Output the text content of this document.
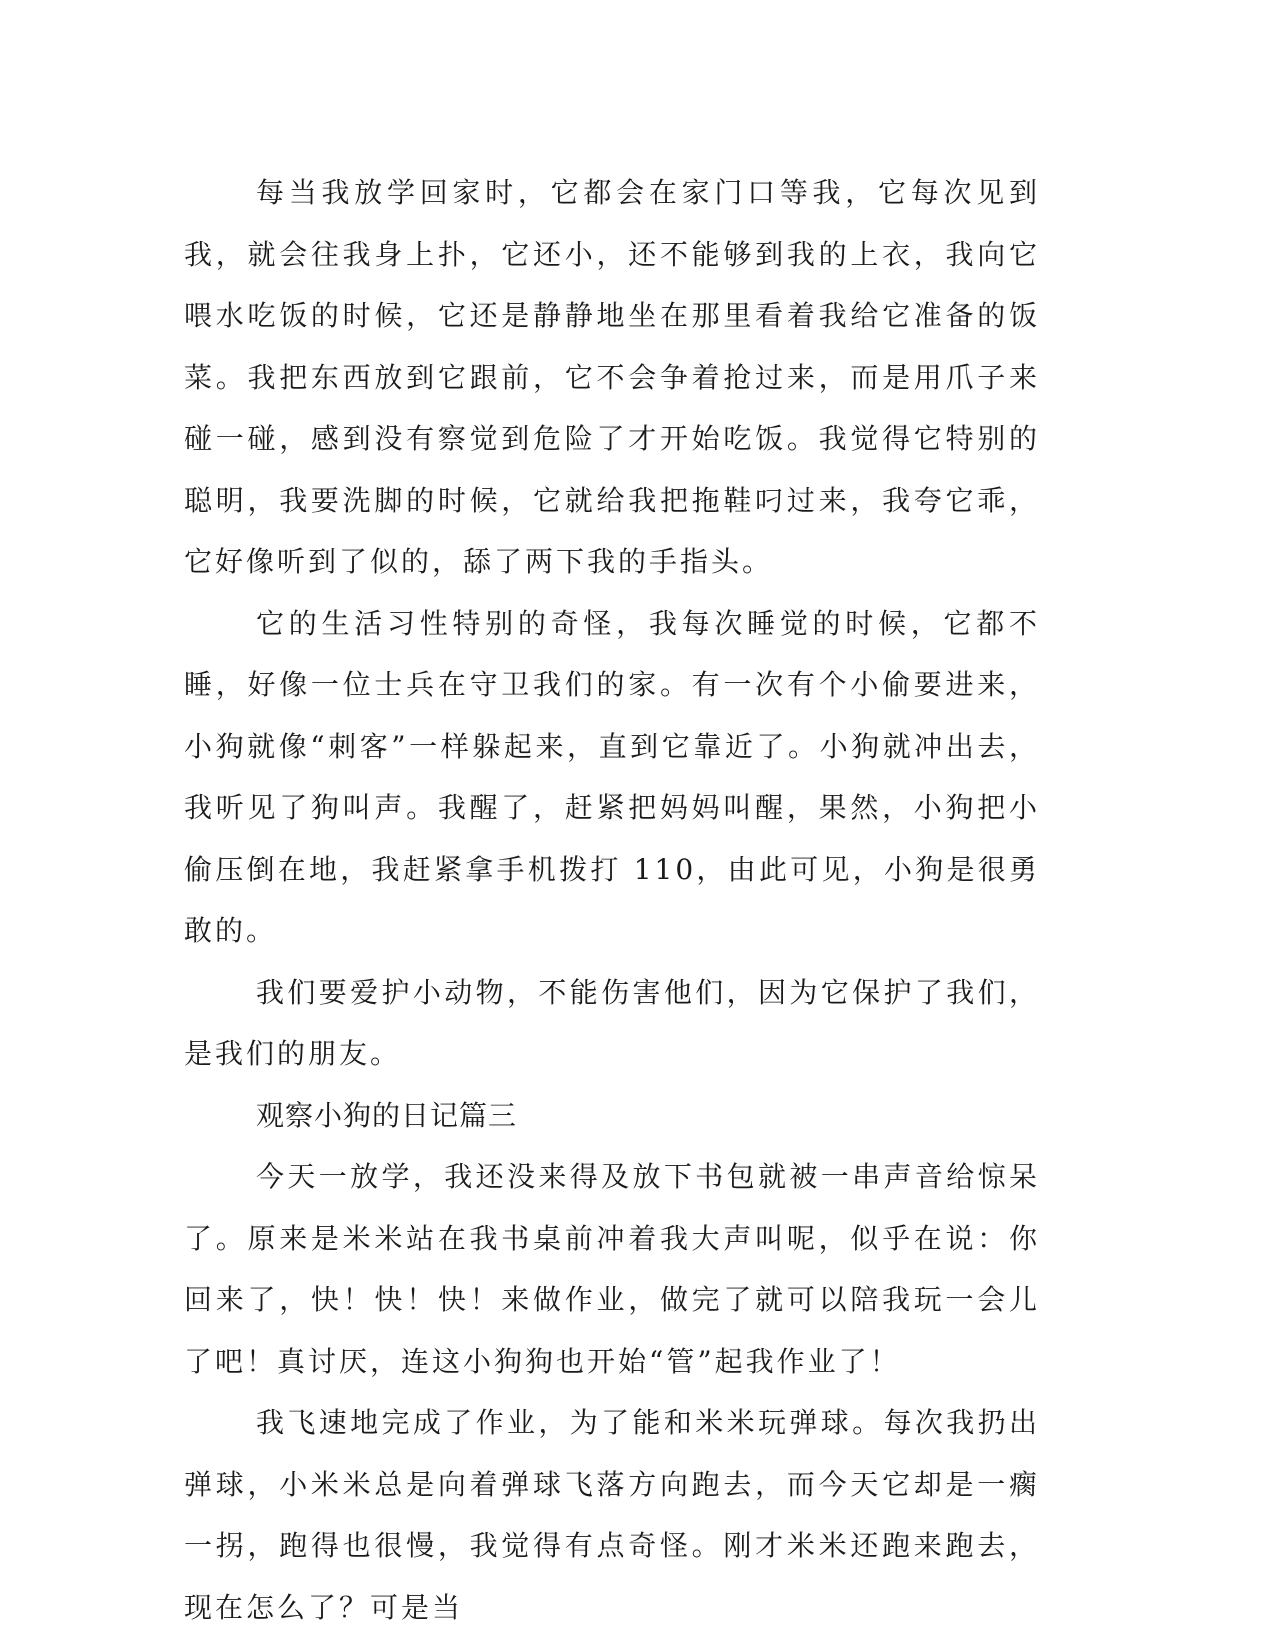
每当我放学回家时，它都会在家门口等我，它每次见到我，就会往我身上扑，它还小，还不能够到我的上衣，我向它喂水吃饭的时候，它还是静静地坐在那里看着我给它准备的饭菜。我把东西放到它跟前，它不会争着抢过来，而是用爪子来碰一碰，感到没有察觉到危险了才开始吃饭。我觉得它特别的聪明，我要洗脚的时候，它就给我把拖鞋叼过来，我夸它乖，它好像听到了似的，舔了两下我的手指头。

它的生活习性特别的奇怪，我每次睡觉的时候，它都不睡，好像一位士兵在守卫我们的家。有一次有个小偷要进来，小狗就像“刺客”一样躲起来，直到它靠近了。小狗就冲出去，我听见了狗叫声。我醒了，赶紧把妈妈叫醒，果然，小狗把小偷压倒在地，我赶紧拿手机拨打 110，由此可见，小狗是很勇敢的。

我们要爱护小动物，不能伤害他们，因为它保护了我们，是我们的朋友。

观察小狗的日记篇三

今天一放学，我还没来得及放下书包就被一串声音给惊呆了。原来是米米站在我书桌前冲着我大声叫呢，似乎在说：你回来了，快！快！快！来做作业，做完了就可以陪我玩一会儿了吧！真讨厌，连这小狗狗也开始“管”起我作业了！

我飞速地完成了作业，为了能和米米玩弹球。每次我扔出弹球，小米米总是向着弹球飞落方向跑去，而今天它却是一瘸一拐，跑得也很慢，我觉得有点奇怪。刚才米米还跑来跑去，现在怎么了？可是当
